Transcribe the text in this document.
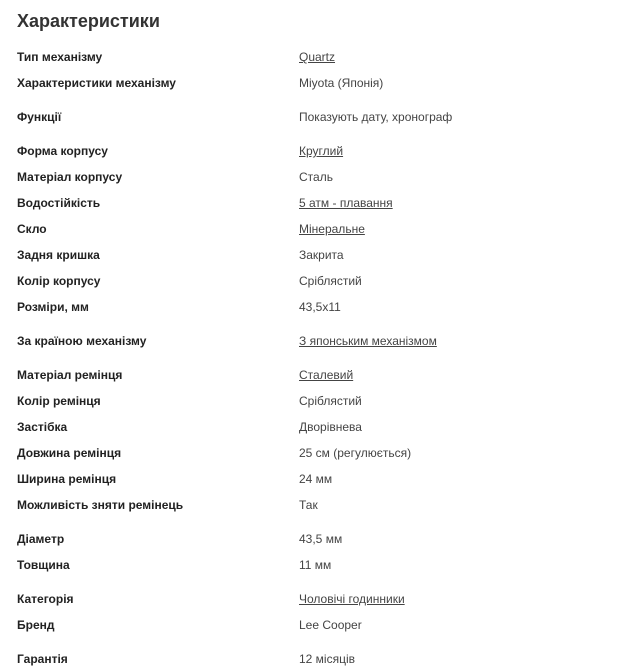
Характеристики
Тип механізму	Quartz
Характеристики механізму	Miyota (Японія)
Функції	Показують дату, хронограф
Форма корпусу	Круглий
Матеріал корпусу	Сталь
Водостійкість	5 атм - плавання
Скло	Мінеральне
Задня кришка	Закрита
Колір корпусу	Сріблястий
Розміри, мм	43,5x11
За країною механізму	З японським механізмом
Матеріал ремінця	Сталевий
Колір ремінця	Сріблястий
Застібка	Дворівнева
Довжина ремінця	25 см (регулюється)
Ширина ремінця	24 мм
Можливість зняти ремінець	Так
Діаметр	43,5 мм
Товщина	11 мм
Категорія	Чоловічі годинники
Бренд	Lee Cooper
Гарантія	12 місяців
